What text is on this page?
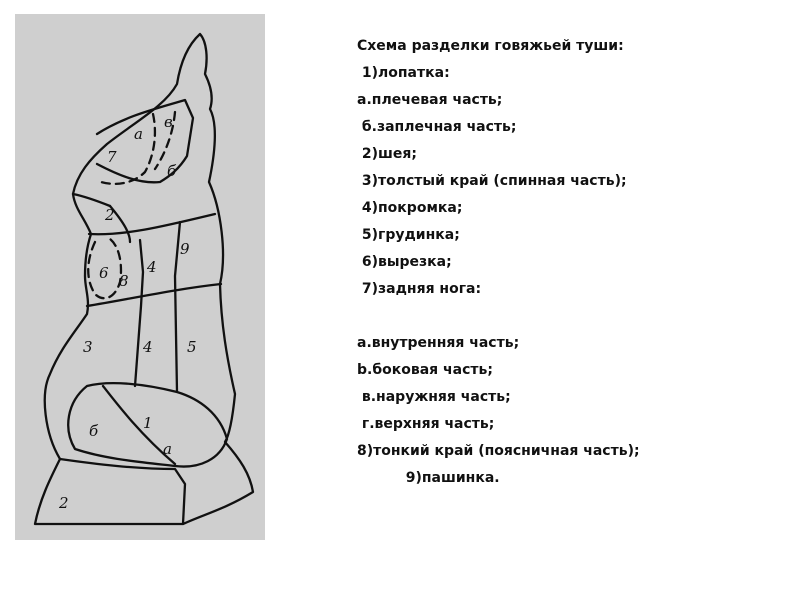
а
в
7
б
2
9
4
6 8
3	4 5
б	1
а
2
Схема разделки говяжьей туши:
1)лопатка:
а.плечевая часть;
б.заплечная часть;
2)шея;
3)толстый край (спинная часть);
4)покромка;
5)грудинка;
6)вырезка;
7)задняя нога:
а.внутренняя часть;
b.боковая часть;
в.наружняя часть;
г.верхняя часть;
8)тонкий край (поясничная часть);
9)пашинка.
